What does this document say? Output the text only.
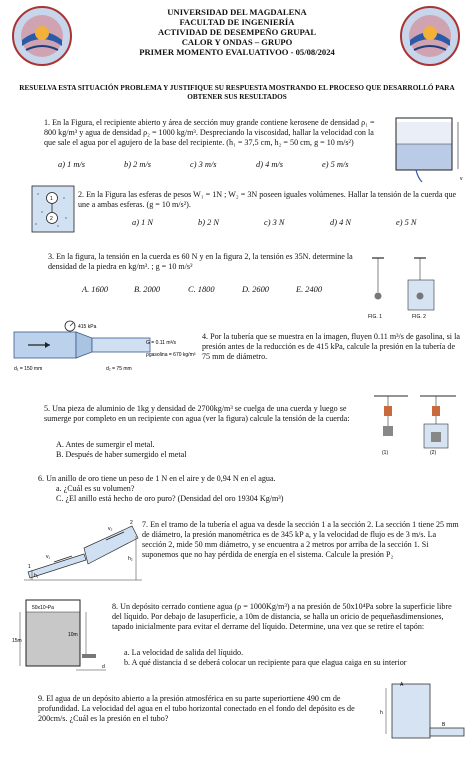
UNIVERSIDAD DEL MAGDALENA
FACULTAD DE INGENIERÍA
ACTIVIDAD DE DESEMPEÑO GRUPAL
CALOR Y ONDAS – GRUPO
PRIMER MOMENTO EVALUATIVOO - 05/08/2024
RESUELVA ESTA SITUACIÓN PROBLEMA Y JUSTIFIQUE SU RESPUESTA MOSTRANDO EL PROCESO QUE DESARROLLÓ PARA OBTENER SUS RESULTADOS
1. En la Figura, el recipiente abierto y área de sección muy grande contiene kerosene de densidad ρ₁ = 800 kg/m³ y agua de densidad ρ₂ = 1000 kg/m³. Despreciando la viscosidad, hallar la velocidad con la que sale el agua por el agujero de la base del recipiente. (h₁ = 37,5 cm, h₂ = 50 cm, g = 10 m/s²)
a) 1 m/s	b) 2 m/s	c) 3 m/s	d) 4 m/s	e) 5 m/s
v
1
2
2. En la Figura las esferas de pesos W₁ = 1N ; W₂ = 3N poseen iguales volúmenes. Hallar la tensión de la cuerda que une a ambas esferas. (g = 10 m/s²).
a) 1 N	b) 2 N	c) 3 N	d) 4 N	e) 5 N
3. En la figura, la tensión en la cuerda es 60 N y en la figura 2, la tensión es 35N. determine la densidad de la piedra en kg/m³. ; g = 10 m/s²
A. 1600	B. 2000	C. 1800	D. 2600	E. 2400
FIG. 1	FIG. 2
415 kPa
G = 0.11 m³/s
ρgasolina = 670 kg/m³
d₁ = 150 mm	d₂ = 75 mm
4. Por la tubería que se muestra en la imagen, fluyen 0.11 m³/s de gasolina, si la presión antes de la reducción es de 415 kPa, calcule la presión en la tubería de 75 mm de diámetro.
5. Una pieza de aluminio de 1kg y densidad de 2700kg/m³ se cuelga de una cuerda y luego se sumerge por completo en un recipiente con agua (ver la figura) calcule la tensión de la cuerda:
A. Antes de sumergir el metal.
B. Después de haber sumergido el metal	(1)	(2)
6. Un anillo de oro tiene un peso de 1 N en el aire y de 0,94 N en el agua.
a. ¿Cuál es su volumen?
C. ¿El anillo está hecho de oro puro? (Densidad del oro 19304 Kg/m³)
v₂
v₁
h₁
h₂
2
1
7. En el tramo de la tubería el agua va desde la sección 1 a la sección 2. La sección 1 tiene 25 mm de diámetro, la presión manométrica es de 345 kP a, y la velocidad de flujo es de 3 m/s. La sección 2, mide 50 mm diámetro, y se encuentra a 2 metros por arriba de la sección 1. Si suponemos que no hay pérdida de energía en el sistema. Calcule la presión P₂
50x10⁴Pa
15m
10m
d
8. Un depósito cerrado contiene agua (ρ = 1000Kg/m³) a na presión de 50x10⁴Pa sobre la superficie libre del líquido. Por debajo de lasuperficie, a 10m de distancia, se halla un oricio de pequeñasdimensiones, tapado inicialmente para evitar el derrame del líquido. Determine, una vez que se retire el tapón:
a. La velocidad de salida del líquido.
b. A qué distancia d se deberá colocar un recipiente para que elagua caiga en su interior
9. El agua de un depósito abierto a la presión atmosférica en su parte superiortiene 490 cm de profundidad. La velocidad del agua en el tubo horizontal conectado en el fondo del depósito es de 200cm/s. ¿Cuál es la presión en el tubo?
A
h
B
